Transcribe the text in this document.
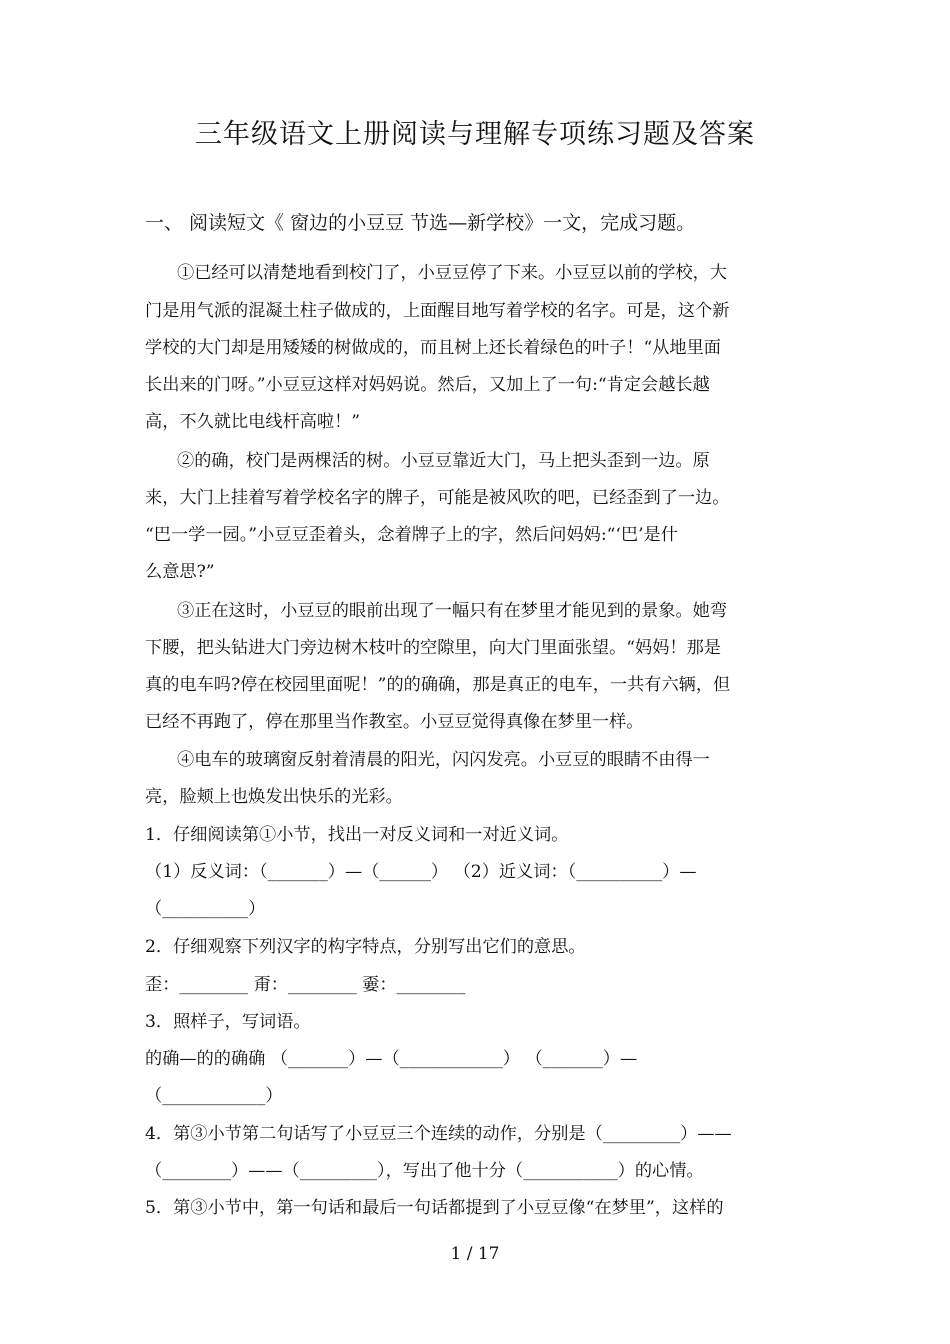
三年级语文上册阅读与理解专项练习题及答案
一、 阅读短文《 窗边的小豆豆 节选—新学校》一文，完成习题。
①已经可以清楚地看到校门了，小豆豆停了下来。小豆豆以前的学校，大
门是用气派的混凝土柱子做成的，上面醒目地写着学校的名字。可是，这个新
学校的大门却是用矮矮的树做成的，而且树上还长着绿色的叶子！“从地里面
长出来的门呀。”小豆豆这样对妈妈说。然后，又加上了一句:“肯定会越长越
高，不久就比电线杆高啦！”
②的确，校门是两棵活的树。小豆豆靠近大门，马上把头歪到一边。原
来，大门上挂着写着学校名字的牌子，可能是被风吹的吧，已经歪到了一边。
“巴一学一园。”小豆豆歪着头，念着牌子上的字，然后问妈妈:“‘巴’是什
么意思?”
③正在这时，小豆豆的眼前出现了一幅只有在梦里才能见到的景象。她弯
下腰，把头钻进大门旁边树木枝叶的空隙里，向大门里面张望。“妈妈！那是
真的电车吗?停在校园里面呢！”的的确确，那是真正的电车，一共有六辆，但
已经不再跑了，停在那里当作教室。小豆豆觉得真像在梦里一样。
④电车的玻璃窗反射着清晨的阳光，闪闪发亮。小豆豆的眼睛不由得一
亮，脸颊上也焕发出快乐的光彩。
1．仔细阅读第①小节，找出一对反义词和一对近义词。
（1）反义词：（_______）—（______） （2）近义词：（__________）—
（__________）
2．仔细观察下列汉字的构字特点，分别写出它们的意思。
歪：________ 甭：________ 嫑：________
3．照样子，写词语。
的确—的的确确 （_______）—（____________） （_______）—
（____________）
4．第③小节第二句话写了小豆豆三个连续的动作，分别是（_________）——
（________）——（_________），写出了他十分（___________）的心情。
5．第③小节中，第一句话和最后一句话都提到了小豆豆像“在梦里”，这样的
1 / 17
